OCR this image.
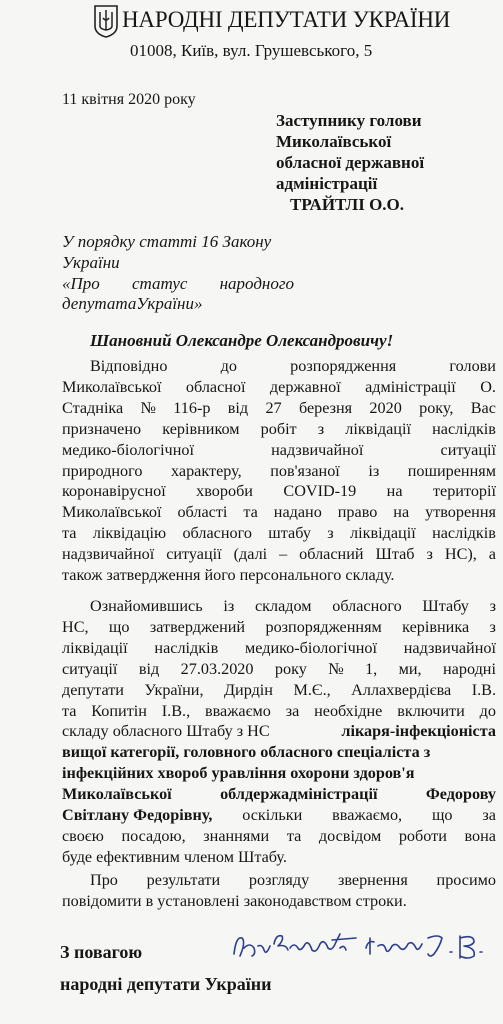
НАРОДНІ ДЕПУТАТИ УКРАЇНИ
01008, Київ, вул. Грушевського, 5
11 квітня 2020 року
Заступнику голови
Миколаївської
обласної державної
адміністрації
ТРАЙТЛІ О.О.
У порядку статті 16 Закону
України
«Про статус народного
депутатаУкраїни»
Шановний Олександре Олександровичу!
Відповідно	до	розпорядження	голови
Миколаївської обласної державної адміністрації О.
Стадніка № 116-р від 27 березня 2020 року, Вас
призначено керівником робіт з ліквідації наслідків
медико-біологічної	надзвичайної	ситуації
природного характеру, пов'язаної із поширенням
коронавірусної хвороби COVID-19 на території
Миколаївської області та надано право на утворення
та ліквідацію обласного штабу з ліквідації наслідків
надзвичайної ситуації (далі – обласний Штаб з НС), а
також затвердження його персонального складу.
Ознайомившись із складом обласного Штабу з
НС, що затверджений розпорядженням керівника з
ліквідації наслідків медико-біологічної надзвичайної
ситуації від 27.03.2020 року № 1, ми, народні
депутати України, Дирдін М.Є., Аллахвердієва І.В.
та Копитін І.В., вважаємо за необхідне включити до
складу обласного Штабу з НС	лікаря-інфекціоніста
вищої категорії, головного обласного спеціаліста з
інфекційних хвороб уравління охорони здоров'я
Миколаївської	облдержадміністрації	Федорову
Світлану Федорівну, оскільки вважаємо, що за
своєю посадою, знаннями та досвідом роботи вона
буде ефективним членом Штабу.
Про результати розгляду звернення просимо
повідомити в установлені законодавством строки.
З повагою
народні депутати України
